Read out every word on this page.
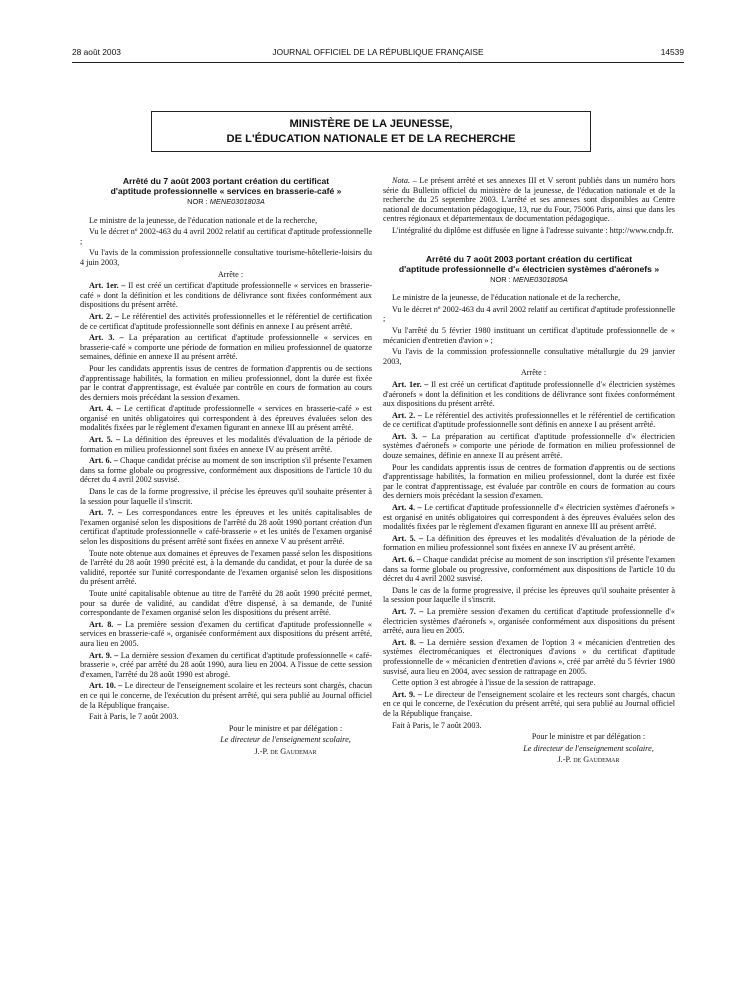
28 août 2003	JOURNAL OFFICIEL DE LA RÉPUBLIQUE FRANÇAISE	14539
MINISTÈRE DE LA JEUNESSE,
DE L'ÉDUCATION NATIONALE ET DE LA RECHERCHE
Arrêté du 7 août 2003 portant création du certificat
d'aptitude professionnelle « services en brasserie-café »
NOR : MENE0301803A

Le ministre de la jeunesse, de l'éducation nationale et de la recherche,

Vu le décret nº 2002-463 du 4 avril 2002 relatif au certificat d'aptitude professionnelle ;

Vu l'avis de la commission professionnelle consultative tourisme-hôtellerie-loisirs du 4 juin 2003,

Arrête :

Art. 1er. – Il est créé un certificat d'aptitude professionnelle « services en brasserie-café » dont la définition et les conditions de délivrance sont fixées conformément aux dispositions du présent arrêté.

Art. 2. – Le référentiel des activités professionnelles et le référentiel de certification de ce certificat d'aptitude professionnelle sont définis en annexe I au présent arrêté.

Art. 3. – La préparation au certificat d'aptitude professionnelle « services en brasserie-café » comporte une période de formation en milieu professionnel de quatorze semaines, définie en annexe II au présent arrêté.

Pour les candidats apprentis issus de centres de formation d'apprentis ou de sections d'apprentissage habilités, la formation en milieu professionnel, dont la durée est fixée par le contrat d'apprentissage, est évaluée par contrôle en cours de formation au cours des derniers mois précédant la session d'examen.

Art. 4. – Le certificat d'aptitude professionnelle « services en brasserie-café » est organisé en unités obligatoires qui correspondent à des épreuves évaluées selon des modalités fixées par le règlement d'examen figurant en annexe III au présent arrêté.

Art. 5. – La définition des épreuves et les modalités d'évaluation de la période de formation en milieu professionnel sont fixées en annexe IV au présent arrêté.

Art. 6. – Chaque candidat précise au moment de son inscription s'il présente l'examen dans sa forme globale ou progressive, conformément aux dispositions de l'article 10 du décret du 4 avril 2002 susvisé.

Dans le cas de la forme progressive, il précise les épreuves qu'il souhaite présenter à la session pour laquelle il s'inscrit.

Art. 7. – Les correspondances entre les épreuves et les unités capitalisables de l'examen organisé selon les dispositions de l'arrêté du 28 août 1990 portant création d'un certificat d'aptitude professionnelle « café-brasserie » et les unités de l'examen organisé selon les dispositions du présent arrêté sont fixées en annexe V au présent arrêté.

Toute note obtenue aux domaines et épreuves de l'examen passé selon les dispositions de l'arrêté du 28 août 1990 précité est, à la demande du candidat, et pour la durée de sa validité, reportée sur l'unité correspondante de l'examen organisé selon les dispositions du présent arrêté.

Toute unité capitalisable obtenue au titre de l'arrêté du 28 août 1990 précité permet, pour sa durée de validité, au candidat d'être dispensé, à sa demande, de l'unité correspondante de l'examen organisé selon les dispositions du présent arrêté.

Art. 8. – La première session d'examen du certificat d'aptitude professionnelle « services en brasserie-café », organisée conformément aux dispositions du présent arrêté, aura lieu en 2005.

Art. 9. – La dernière session d'examen du certificat d'aptitude professionnelle « café-brasserie », créé par arrêté du 28 août 1990, aura lieu en 2004. A l'issue de cette session d'examen, l'arrêté du 28 août 1990 est abrogé.

Art. 10. – Le directeur de l'enseignement scolaire et les recteurs sont chargés, chacun en ce qui le concerne, de l'exécution du présent arrêté, qui sera publié au Journal officiel de la République française.

Fait à Paris, le 7 août 2003.

Pour le ministre et par délégation :

Le directeur de l'enseignement scolaire,

J.-P. de Gaudemar

Nota. – Le présent arrêté et ses annexes III et V seront publiés dans un numéro hors série du Bulletin officiel du ministère de la jeunesse, de l'éducation nationale et de la recherche du 25 septembre 2003. L'arrêté et ses annexes sont disponibles au Centre national de documentation pédagogique, 13, rue du Four, 75006 Paris, ainsi que dans les centres régionaux et départementaux de documentation pédagogique.

L'intégralité du diplôme est diffusée en ligne à l'adresse suivante : http://www.cndp.fr.

Arrêté du 7 août 2003 portant création du certificat
d'aptitude professionnelle d'« électricien systèmes d'aéronefs »
NOR : MENE0301805A

Le ministre de la jeunesse, de l'éducation nationale et de la recherche,

Vu le décret nº 2002-463 du 4 avril 2002 relatif au certificat d'aptitude professionnelle ;

Vu l'arrêté du 5 février 1980 instituant un certificat d'aptitude professionnelle de « mécanicien d'entretien d'avion » ;

Vu l'avis de la commission professionnelle consultative métallurgie du 29 janvier 2003,

Arrête :

Art. 1er. – Il est créé un certificat d'aptitude professionnelle d'« électricien systèmes d'aéronefs » dont la définition et les conditions de délivrance sont fixées conformément aux dispositions du présent arrêté.

Art. 2. – Le référentiel des activités professionnelles et le référentiel de certification de ce certificat d'aptitude professionnelle sont définis en annexe I au présent arrêté.

Art. 3. – La préparation au certificat d'aptitude professionnelle d'« électricien systèmes d'aéronefs » comporte une période de formation en milieu professionnel de douze semaines, définie en annexe II au présent arrêté.

Pour les candidats apprentis issus de centres de formation d'apprentis ou de sections d'apprentissage habilités, la formation en milieu professionnel, dont la durée est fixée par le contrat d'apprentissage, est évaluée par contrôle en cours de formation au cours des derniers mois précédant la session d'examen.

Art. 4. – Le certificat d'aptitude professionnelle d'« électricien systèmes d'aéronefs » est organisé en unités obligatoires qui correspondent à des épreuves évaluées selon des modalités fixées par le règlement d'examen figurant en annexe III au présent arrêté.

Art. 5. – La définition des épreuves et les modalités d'évaluation de la période de formation en milieu professionnel sont fixées en annexe IV au présent arrêté.

Art. 6. – Chaque candidat précise au moment de son inscription s'il présente l'examen dans sa forme globale ou progressive, conformément aux dispositions de l'article 10 du décret du 4 avril 2002 susvisé.

Dans le cas de la forme progressive, il précise les épreuves qu'il souhaite présenter à la session pour laquelle il s'inscrit.

Art. 7. – La première session d'examen du certificat d'aptitude professionnelle d'« électricien systèmes d'aéronefs », organisée conformément aux dispositions du présent arrêté, aura lieu en 2005.

Art. 8. – La dernière session d'examen de l'option 3 « mécanicien d'entretien des systèmes électromécaniques et électroniques d'avions » du certificat d'aptitude professionnelle de « mécanicien d'entretien d'avions », créé par arrêté du 5 février 1980 susvisé, aura lieu en 2004, avec session de rattrapage en 2005.

Cette option 3 est abrogée à l'issue de la session de rattrapage.

Art. 9. – Le directeur de l'enseignement scolaire et les recteurs sont chargés, chacun en ce qui le concerne, de l'exécution du présent arrêté, qui sera publié au Journal officiel de la République française.

Fait à Paris, le 7 août 2003.

Pour le ministre et par délégation :

Le directeur de l'enseignement scolaire,

J.-P. de Gaudemar
